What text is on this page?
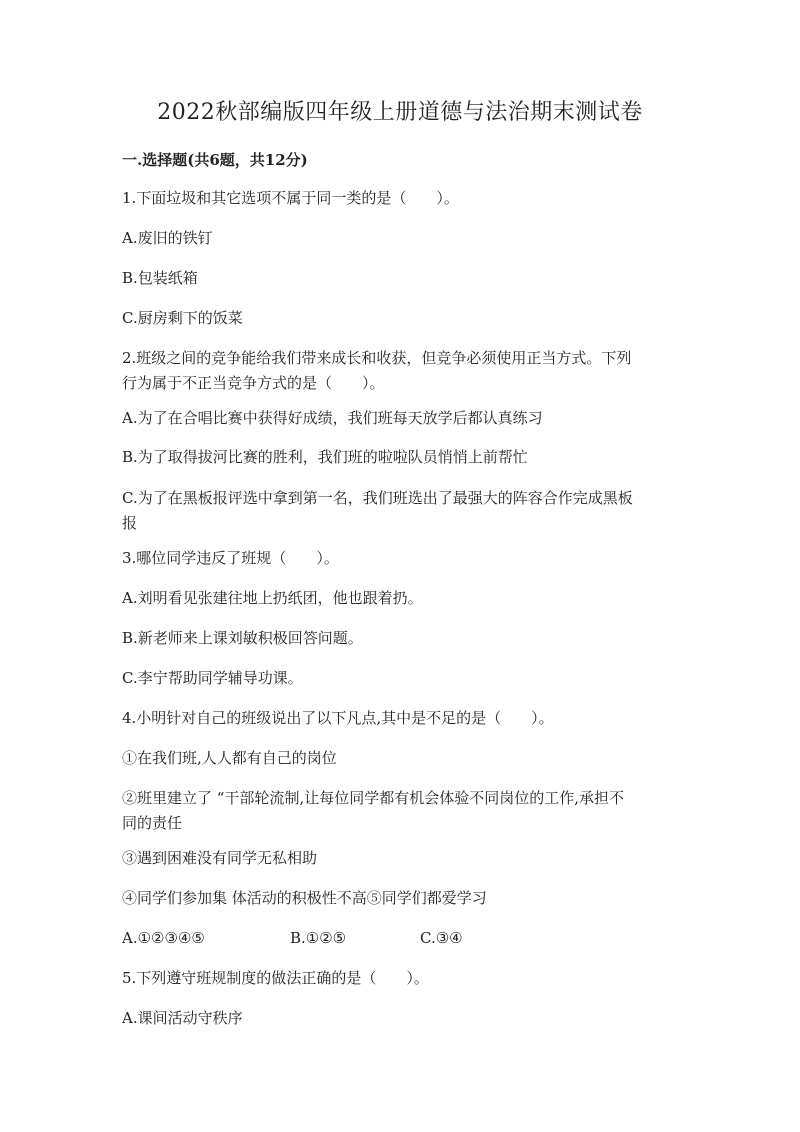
2022秋部编版四年级上册道德与法治期末测试卷
一.选择题(共6题，共12分)
1.下面垃圾和其它选项不属于同一类的是（　　）。
A.废旧的铁钉
B.包装纸箱
C.厨房剩下的饭菜
2.班级之间的竞争能给我们带来成长和收获，但竞争必须使用正当方式。下列
行为属于不正当竞争方式的是（　　）。
A.为了在合唱比赛中获得好成绩，我们班每天放学后都认真练习
B.为了取得拔河比赛的胜利，我们班的啦啦队员悄悄上前帮忙
C.为了在黑板报评选中拿到第一名，我们班选出了最强大的阵容合作完成黑板
报
3.哪位同学违反了班规（　　）。
A.刘明看见张建往地上扔纸团，他也跟着扔。
B.新老师来上课刘敏积极回答问题。
C.李宁帮助同学辅导功课。
4.小明针对自己的班级说出了以下凡点,其中是不足的是（　　）。
①在我们班,人人都有自己的岗位
②班里建立了 “干部轮流制,让每位同学都有机会体验不同岗位的工作,承担不
同的责任
③遇到困难没有同学无私相助
④同学们参加集 体活动的积极性不高⑤同学们都爱学习
A.①②③④⑤	B.①②⑤	C.③④
5.下列遵守班规制度的做法正确的是（　　）。
A.课间活动守秩序
